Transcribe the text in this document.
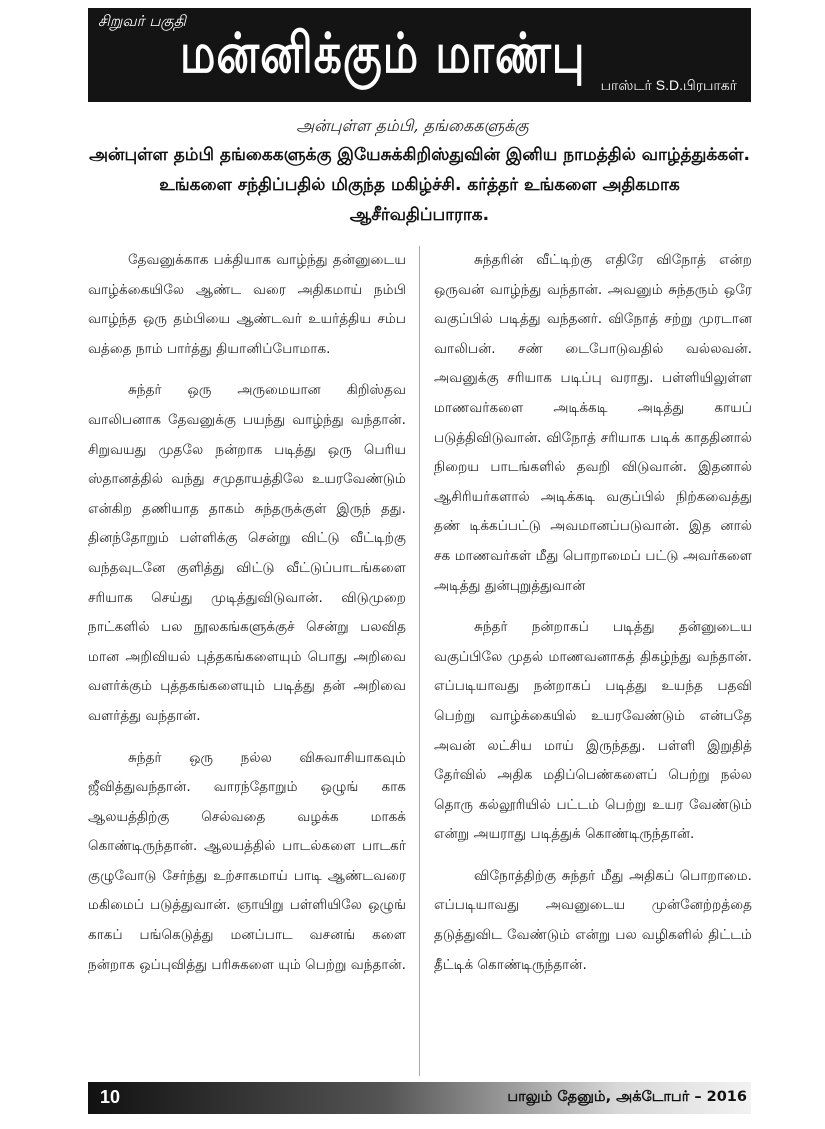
சிறுவர் பகுதி
மன்னிக்கும் மாண்பு	பாஸ்டர் S.D.பிரபாகர்
அன்புள்ள தம்பி, தங்கைகளுக்கு
அன்புள்ள தம்பி தங்கைகளுக்கு இயேசுக்கிறிஸ்துவின் இனிய நாமத்தில் வாழ்த்துக்கள். உங்களை சந்திப்பதில் மிகுந்த மகிழ்ச்சி. கர்த்தர் உங்களை அதிகமாக ஆசீர்வதிப்பாராக.

தேவனுக்காக பக்தியாக வாழ்ந்து தன்னுடைய வாழ்க்கையிலே ஆண்ட வரை அதிகமாய் நம்பி வாழ்ந்த ஒரு தம்பியை ஆண்டவர் உயர்த்திய சம்ப வத்தை நாம் பார்த்து தியானிப்போமாக.

சுந்தர் ஒரு அருமையான கிறிஸ்தவ வாலிபனாக தேவனுக்கு பயந்து வாழ்ந்து வந்தான். சிறுவயது முதலே நன்றாக படித்து ஒரு பெரிய ஸ்தானத்தில் வந்து சமுதாயத்திலே உயரவேண்டும் என்கிற தணியாத தாகம் சுந்தருக்குள் இருந் தது. தினந்தோறும் பள்ளிக்கு சென்று விட்டு வீட்டிற்கு வந்தவுடனே குளித்து விட்டு வீட்டுப்பாடங்களை சரியாக செய்து முடித்துவிடுவான். விடுமுறை நாட்களில் பல நூலகங்களுக்குச் சென்று பலவித மான அறிவியல் புத்தகங்களையும் பொது அறிவை வளர்க்கும் புத்தகங்களையும் படித்து தன் அறிவை வளர்த்து வந்தான்.

சுந்தர் ஒரு நல்ல விசுவாசியாகவும் ஜீவித்துவந்தான். வாரந்தோறும் ஒழுங் காக ஆலயத்திற்கு செல்வதை வழக்க மாகக் கொண்டிருந்தான். ஆலயத்தில் பாடல்களை பாடகர் குழுவோடு சேர்ந்து உற்சாகமாய் பாடி ஆண்டவரை மகிமைப் படுத்துவான். ஞாயிறு பள்ளியிலே ஒழுங் காகப் பங்கெடுத்து மனப்பாட வசனங் களை நன்றாக ஒப்புவித்து பரிசுகளை யும் பெற்று வந்தான்.

சுந்தரின் வீட்டிற்கு எதிரே விநோத் என்ற ஒருவன் வாழ்ந்து வந்தான். அவனும் சுந்தரும் ஒரே வகுப்பில் படித்து வந்தனர். விநோத் சற்று முரடான வாலிபன். சண் டைபோடுவதில் வல்லவன். அவனுக்கு சரியாக படிப்பு வராது. பள்ளியிலுள்ள மாணவர்களை அடிக்கடி அடித்து காயப் படுத்திவிடுவான். விநோத் சரியாக படிக் காததினால் நிறைய பாடங்களில் தவறி விடுவான். இதனால் ஆசிரியர்களால் அடிக்கடி வகுப்பில் நிற்கவைத்து தண் டிக்கப்பட்டு அவமானப்படுவான். இத னால் சக மாணவர்கள் மீது பொறாமைப் பட்டு அவர்களை அடித்து துன்புறுத்துவான்

சுந்தர் நன்றாகப் படித்து தன்னுடைய வகுப்பிலே முதல் மாணவனாகத் திகழ்ந்து வந்தான். எப்படியாவது நன்றாகப் படித்து உயந்த பதவி பெற்று வாழ்க்கையில் உயரவேண்டும் என்பதே அவன் லட்சிய மாய் இருந்தது. பள்ளி இறுதித் தேர்வில் அதிக மதிப்பெண்களைப் பெற்று நல்ல தொரு கல்லூரியில் பட்டம் பெற்று உயர வேண்டும் என்று அயராது படித்துக் கொண்டிருந்தான்.

விநோத்திற்கு சுந்தர் மீது அதிகப் பொறாமை. எப்படியாவது அவனுடைய முன்னேற்றத்தை தடுத்துவிட வேண்டும் என்று பல வழிகளில் திட்டம் தீட்டிக் கொண்டிருந்தான்.

10	பாலும் தேனும், அக்டோபர் – 2016
